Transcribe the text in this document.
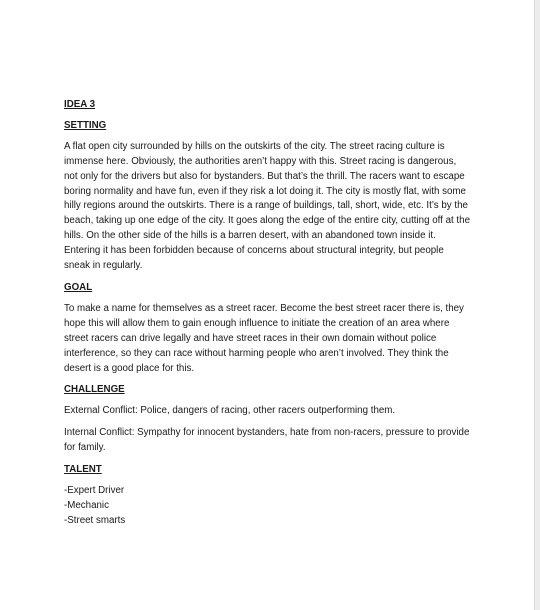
IDEA 3
SETTING

A flat open city surrounded by hills on the outskirts of the city. The street racing culture is immense here. Obviously, the authorities aren’t happy with this. Street racing is dangerous, not only for the drivers but also for bystanders. But that’s the thrill. The racers want to escape boring normality and have fun, even if they risk a lot doing it. The city is mostly flat, with some hilly regions around the outskirts. There is a range of buildings, tall, short, wide, etc. It’s by the beach, taking up one edge of the city. It goes along the edge of the entire city, cutting off at the hills. On the other side of the hills is a barren desert, with an abandoned town inside it. Entering it has been forbidden because of concerns about structural integrity, but people sneak in regularly.

GOAL

To make a name for themselves as a street racer. Become the best street racer there is, they hope this will allow them to gain enough influence to initiate the creation of an area where street racers can drive legally and have street races in their own domain without police interference, so they can race without harming people who aren’t involved. They think the desert is a good place for this.

CHALLENGE

External Conflict: Police, dangers of racing, other racers outperforming them.

Internal Conflict: Sympathy for innocent bystanders, hate from non-racers, pressure to provide for family.

TALENT
-Expert Driver
-Mechanic
-Street smarts
